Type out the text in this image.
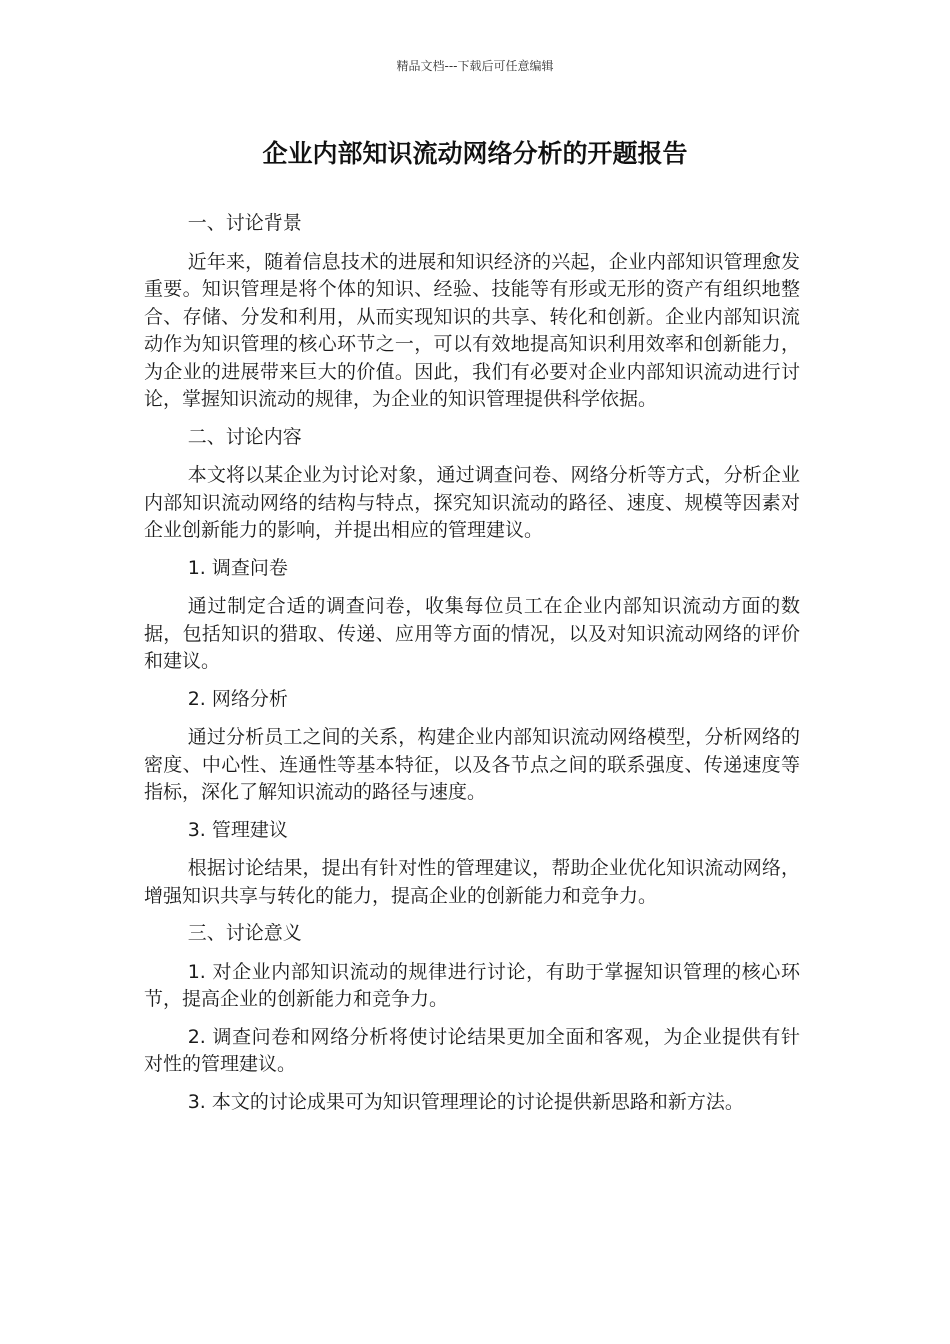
精品文档---下载后可任意编辑
企业内部知识流动网络分析的开题报告

一、讨论背景

近年来，随着信息技术的进展和知识经济的兴起，企业内部知识管理愈发重要。知识管理是将个体的知识、经验、技能等有形或无形的资产有组织地整合、存储、分发和利用，从而实现知识的共享、转化和创新。企业内部知识流动作为知识管理的核心环节之一，可以有效地提高知识利用效率和创新能力，为企业的进展带来巨大的价值。因此，我们有必要对企业内部知识流动进行讨论，掌握知识流动的规律，为企业的知识管理提供科学依据。

二、讨论内容

本文将以某企业为讨论对象，通过调查问卷、网络分析等方式，分析企业内部知识流动网络的结构与特点，探究知识流动的路径、速度、规模等因素对企业创新能力的影响，并提出相应的管理建议。

1. 调查问卷

通过制定合适的调查问卷，收集每位员工在企业内部知识流动方面的数据，包括知识的猎取、传递、应用等方面的情况，以及对知识流动网络的评价和建议。

2. 网络分析

通过分析员工之间的关系，构建企业内部知识流动网络模型，分析网络的密度、中心性、连通性等基本特征，以及各节点之间的联系强度、传递速度等指标，深化了解知识流动的路径与速度。

3. 管理建议

根据讨论结果，提出有针对性的管理建议，帮助企业优化知识流动网络，增强知识共享与转化的能力，提高企业的创新能力和竞争力。

三、讨论意义

1. 对企业内部知识流动的规律进行讨论，有助于掌握知识管理的核心环节，提高企业的创新能力和竞争力。

2. 调查问卷和网络分析将使讨论结果更加全面和客观，为企业提供有针对性的管理建议。

3. 本文的讨论成果可为知识管理理论的讨论提供新思路和新方法。
